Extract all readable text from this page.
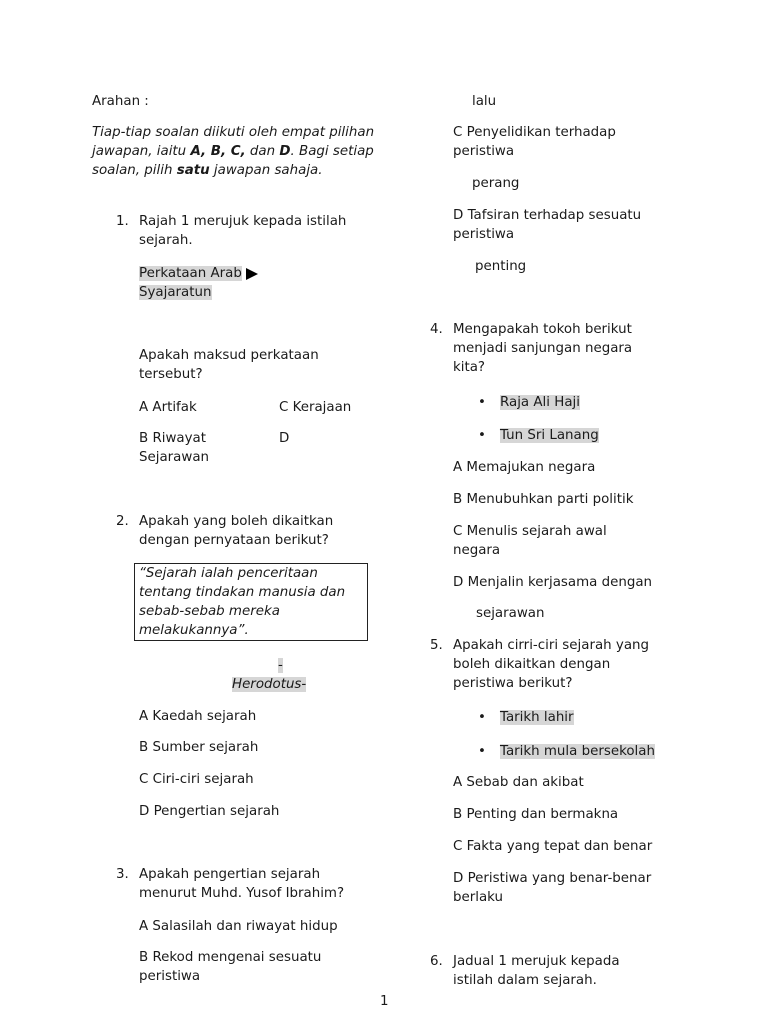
Arahan :

Tiap-tiap soalan diikuti oleh empat pilihan jawapan, iaitu A, B, C, dan D. Bagi setiap soalan, pilih satu jawapan sahaja.

1. Rajah 1 merujuk kepada istilah sejarah.

Perkataan Arab
Syajaratun

Apakah maksud perkataan tersebut?

A Artifak	C Kerajaan

B Riwayat	D

Sejarawan

2. Apakah yang boleh dikaitkan dengan pernyataan berikut?

“Sejarah ialah penceritaan tentang tindakan manusia dan sebab-sebab mereka melakukannya”.

-

Herodotus-

A Kaedah sejarah

B Sumber sejarah

C Ciri-ciri sejarah

D Pengertian sejarah

3. Apakah pengertian sejarah menurut Muhd. Yusof Ibrahim?

A Salasilah dan riwayat hidup

B Rekod mengenai sesuatu peristiwa

lalu

C Penyelidikan terhadap peristiwa

perang

D Tafsiran terhadap sesuatu peristiwa

penting

4. Mengapakah tokoh berikut menjadi sanjungan negara kita?

• Raja Ali Haji

• Tun Sri Lanang

A Memajukan negara

B Menubuhkan parti politik

C Menulis sejarah awal negara

D Menjalin kerjasama dengan

sejarawan

5. Apakah cirri-ciri sejarah yang boleh dikaitkan dengan peristiwa berikut?

• Tarikh lahir

• Tarikh mula bersekolah

A Sebab dan akibat

B Penting dan bermakna

C Fakta yang tepat dan benar

D Peristiwa yang benar-benar berlaku

6. Jadual 1 merujuk kepada istilah dalam sejarah.

1
